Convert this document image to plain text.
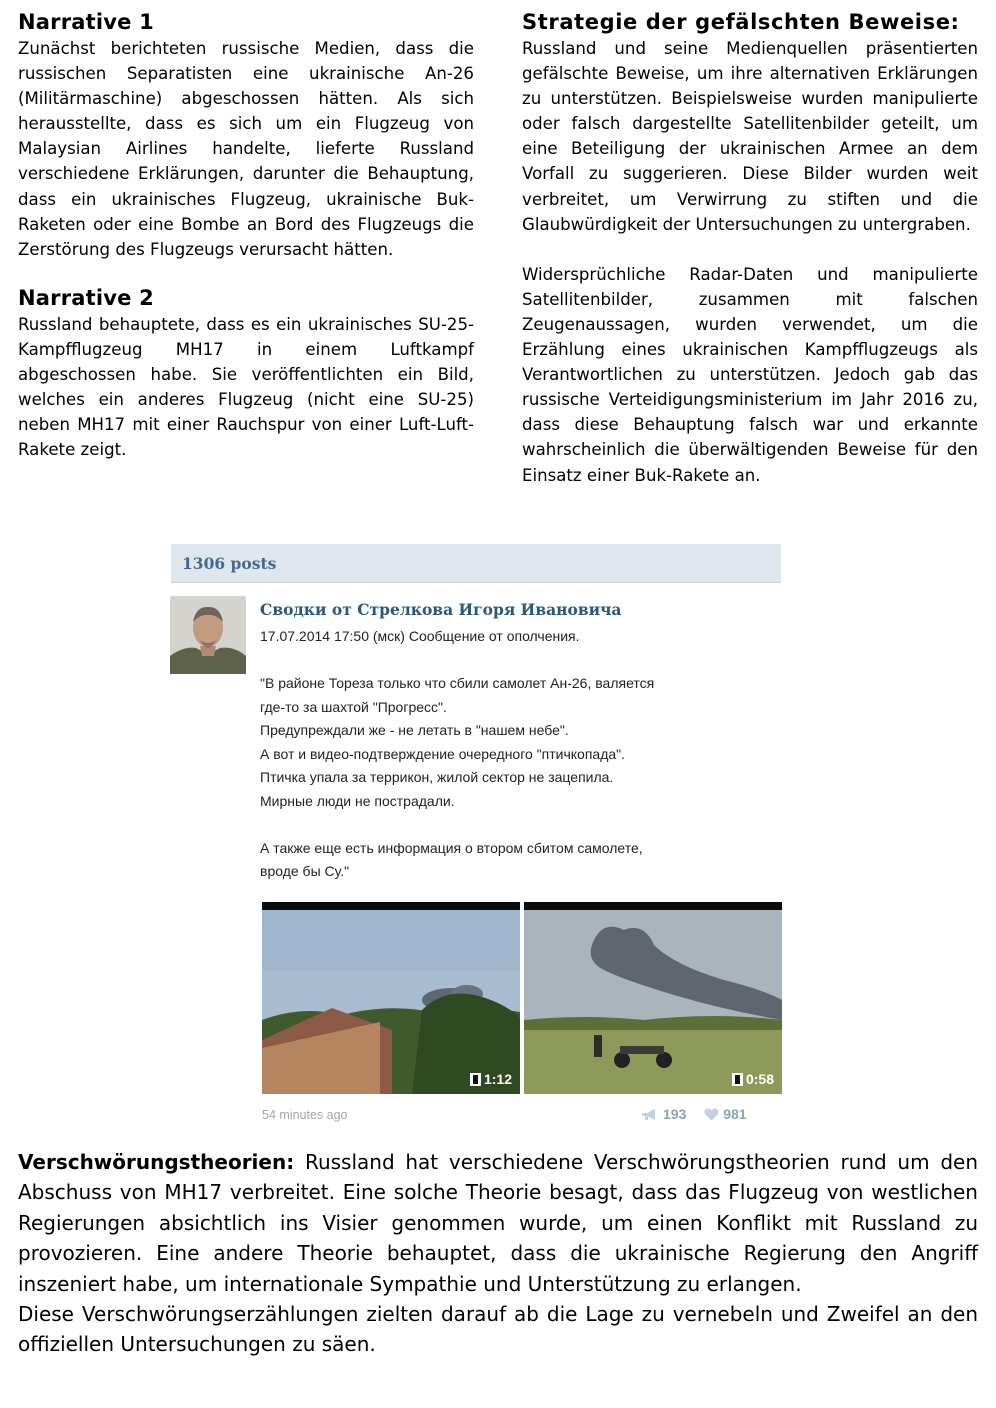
Narrative 1

Zunächst berichteten russische Medien, dass die russischen Separatisten eine ukrainische An-26 (Militärmaschine) abgeschossen hätten. Als sich herausstellte, dass es sich um ein Flugzeug von Malaysian Airlines handelte, lieferte Russland verschiedene Erklärungen, darunter die Behauptung, dass ein ukrainisches Flugzeug, ukrainische Buk-Raketen oder eine Bombe an Bord des Flugzeugs die Zerstörung des Flugzeugs verursacht hätten.

Narrative 2

Russland behauptete, dass es ein ukrainisches SU-25-Kampfflugzeug MH17 in einem Luftkampf abgeschossen habe. Sie veröffentlichten ein Bild, welches ein anderes Flugzeug (nicht eine SU-25) neben MH17 mit einer Rauchspur von einer Luft-Luft-Rakete zeigt.

Strategie der gefälschten Beweise:

Russland und seine Medienquellen präsentierten gefälschte Beweise, um ihre alternativen Erklärungen zu unterstützen. Beispielsweise wurden manipulierte oder falsch dargestellte Satellitenbilder geteilt, um eine Beteiligung der ukrainischen Armee an dem Vorfall zu suggerieren. Diese Bilder wurden weit verbreitet, um Verwirrung zu stiften und die Glaubwürdigkeit der Untersuchungen zu untergraben.

Widersprüchliche Radar-Daten und manipulierte Satellitenbilder, zusammen mit falschen Zeugenaussagen, wurden verwendet, um die Erzählung eines ukrainischen Kampfflugzeugs als Verantwortlichen zu unterstützen. Jedoch gab das russische Verteidigungsministerium im Jahr 2016 zu, dass diese Behauptung falsch war und erkannte wahrscheinlich die überwältigenden Beweise für den Einsatz einer Buk-Rakete an.

1306 posts
Сводки от Стрелкова Игоря Ивановича
17.07.2014 17:50 (мск) Сообщение от ополчения.
"В районе Тореза только что сбили самолет Ан-26, валяется
где-то за шахтой "Прогресс".
Предупреждали же - не летать в "нашем небе".
А вот и видео-подтверждение очередного "птичкопада".
Птичка упала за террикон, жилой сектор не зацепила.
Мирные люди не пострадали.

А также еще есть информация о втором сбитом самолете,
вроде бы Су."
1:12	0:58
54 minutes ago	193
	981

Verschwörungstheorien: Russland hat verschiedene Verschwörungstheorien rund um den Abschuss von MH17 verbreitet. Eine solche Theorie besagt, dass das Flugzeug von westlichen Regierungen absichtlich ins Visier genommen wurde, um einen Konflikt mit Russland zu provozieren. Eine andere Theorie behauptet, dass die ukrainische Regierung den Angriff inszeniert habe, um internationale Sympathie und Unterstützung zu erlangen.

Diese Verschwörungserzählungen zielten darauf ab die Lage zu vernebeln und Zweifel an den offiziellen Untersuchungen zu säen.
